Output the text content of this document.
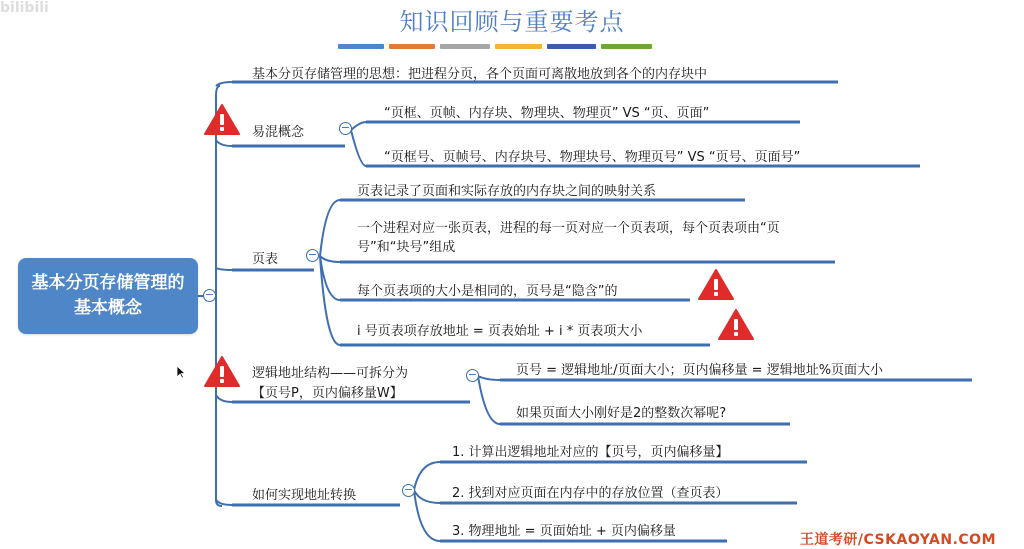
bilibili	知识回顾与重要考点
基本分页存储管理的基本概念
−
基本分页存储管理的思想：把进程分页，各个页面可离散地放到各个的内存块中
易混概念	−
“页框、页帧、内存块、物理块、物理页” VS “页、页面”
“页框号、页帧号、内存块号、物理块号、物理页号” VS “页号、页面号”
页表	−
页表记录了页面和实际存放的内存块之间的映射关系
一个进程对应一张页表，进程的每一页对应一个页表项，每个页表项由“页号”和“块号”组成
每个页表项的大小是相同的，页号是“隐含”的
i 号页表项存放地址 = 页表始址 + i * 页表项大小
逻辑地址结构——可拆分为
【页号P，页内偏移量W】
−	页号 = 逻辑地址/页面大小；页内偏移量 = 逻辑地址%页面大小
如果页面大小刚好是2的整数次幂呢?
如何实现地址转换	−
1. 计算出逻辑地址对应的【页号，页内偏移量】
2. 找到对应页面在内存中的存放位置（查页表）
3. 物理地址 = 页面始址 + 页内偏移量
王道考研/CSKAOYAN.COM
